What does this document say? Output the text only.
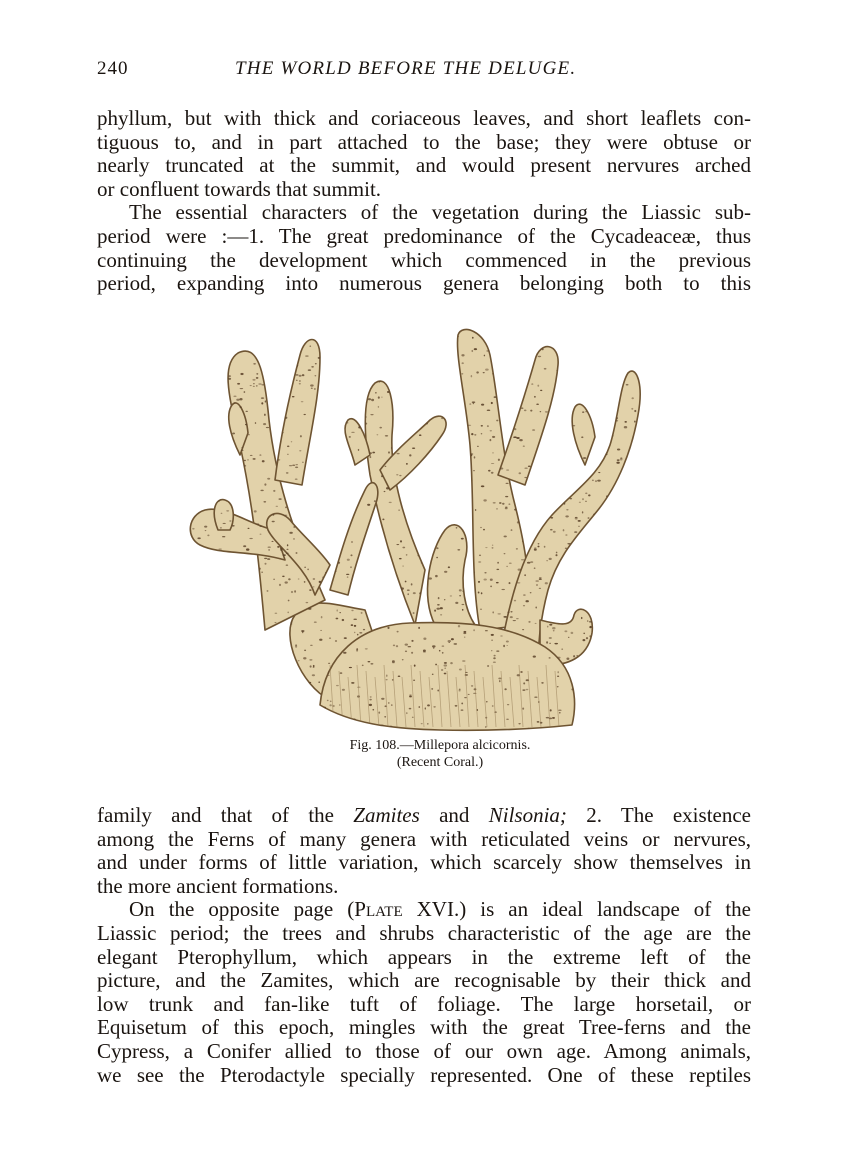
240	THE WORLD BEFORE THE DELUGE.
phyllum, but with thick and coriaceous leaves, and short leaflets con-
tiguous to, and in part attached to the base; they were obtuse or
nearly truncated at the summit, and would present nervures arched
or confluent towards that summit.
The essential characters of the vegetation during the Liassic sub-
period were :—1. The great predominance of the Cycadeaceæ, thus
continuing the development which commenced in the previous
period, expanding into numerous genera belonging both to this
Fig. 108.—Millepora alcicornis.
(Recent Coral.)
family and that of the Zamites and Nilsonia; 2. The existence
among the Ferns of many genera with reticulated veins or nervures,
and under forms of little variation, which scarcely show themselves in
the more ancient formations.
On the opposite page (Plate XVI.) is an ideal landscape of the
Liassic period; the trees and shrubs characteristic of the age are the
elegant Pterophyllum, which appears in the extreme left of the
picture, and the Zamites, which are recognisable by their thick and
low trunk and fan-like tuft of foliage. The large horsetail, or
Equisetum of this epoch, mingles with the great Tree-ferns and the
Cypress, a Conifer allied to those of our own age. Among animals,
we see the Pterodactyle specially represented. One of these reptiles
